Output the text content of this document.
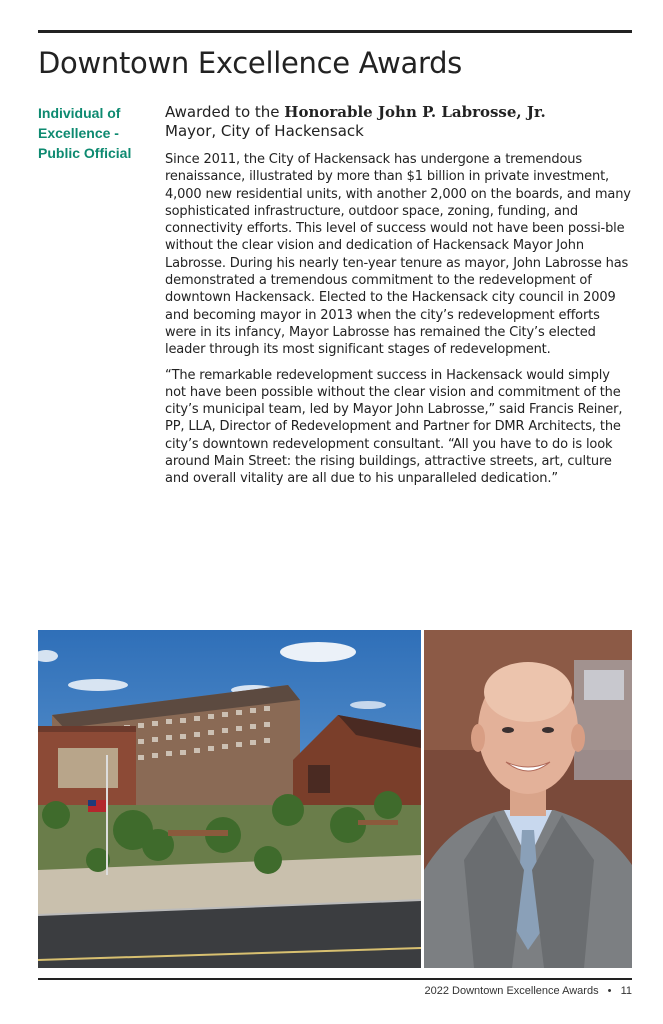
Downtown Excellence Awards
Individual of
Excellence -
Public Official
Awarded to the Honorable John P. Labrosse, Jr.
Mayor, City of Hackensack

Since 2011, the City of Hackensack has undergone a tremendous renaissance, illustrated by more than $1 billion in private investment, 4,000 new residential units, with another 2,000 on the boards, and many sophisticated infrastructure, outdoor space, zoning, funding, and connectivity efforts. This level of success would not have been possi-ble without the clear vision and dedication of Hackensack Mayor John Labrosse. During his nearly ten-year tenure as mayor, John Labrosse has demonstrated a tremendous commitment to the redevelopment of downtown Hackensack. Elected to the Hackensack city council in 2009 and becoming mayor in 2013 when the city’s redevelopment efforts were in its infancy, Mayor Labrosse has remained the City’s elected leader through its most significant stages of redevelopment.

“The remarkable redevelopment success in Hackensack would simply not have been possible without the clear vision and commitment of the city’s municipal team, led by Mayor John Labrosse,” said Francis Reiner, PP, LLA, Director of Redevelopment and Partner for DMR Architects, the city’s downtown redevelopment consultant. “All you have to do is look around Main Street: the rising buildings, attractive streets, art, culture and overall vitality are all due to his unparalleled dedication.”

2022 Downtown Excellence Awards • 11
